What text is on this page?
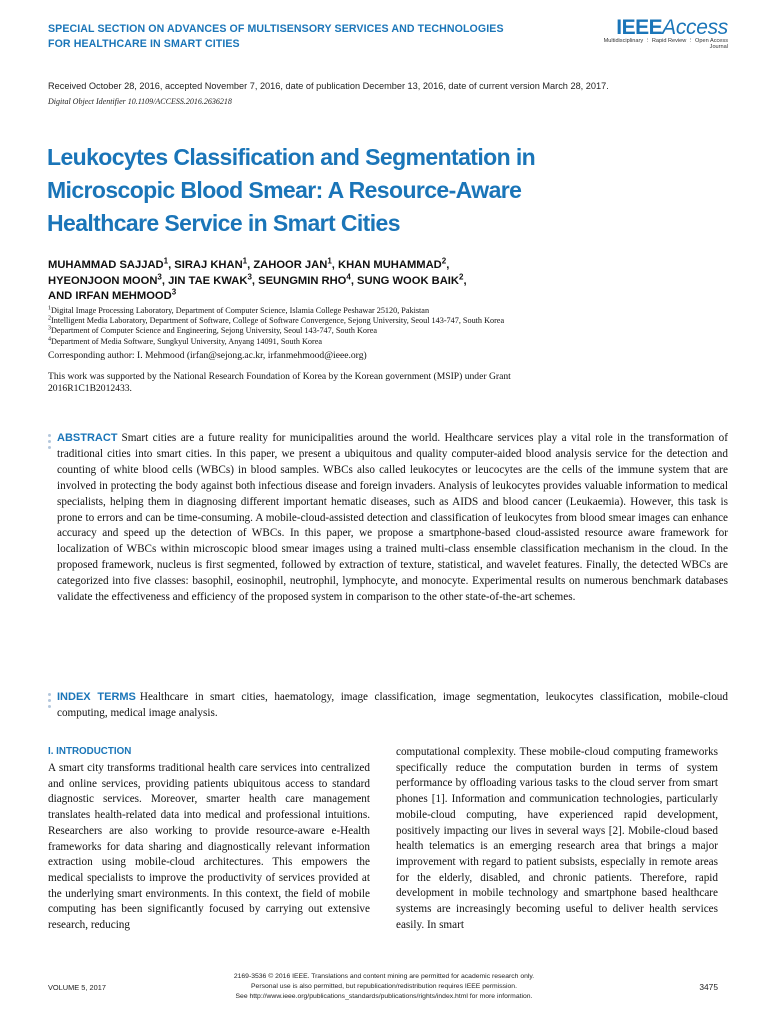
SPECIAL SECTION ON ADVANCES OF MULTISENSORY SERVICES AND TECHNOLOGIES
FOR HEALTHCARE IN SMART CITIES
IEEEAccess
Multidisciplinary ⋮ Rapid Review ⋮ Open Access Journal
Received October 28, 2016, accepted November 7, 2016, date of publication December 13, 2016, date of current version March 28, 2017.
Digital Object Identifier 10.1109/ACCESS.2016.2636218
Leukocytes Classification and Segmentation in
Microscopic Blood Smear: A Resource-Aware
Healthcare Service in Smart Cities
MUHAMMAD SAJJAD$^1$, SIRAJ KHAN$^1$, ZAHOOR JAN$^1$, KHAN MUHAMMAD$^2$,
HYEONJOON MOON$^3$, JIN TAE KWAK$^3$, SEUNGMIN RHO$^4$, SUNG WOOK BAIK$^2$,
AND IRFAN MEHMOOD$^3$
$^1$Digital Image Processing Laboratory, Department of Computer Science, Islamia College Peshawar 25120, Pakistan
$^2$Intelligent Media Laboratory, Department of Software, College of Software Convergence, Sejong University, Seoul 143-747, South Korea
$^3$Department of Computer Science and Engineering, Sejong University, Seoul 143-747, South Korea
$^4$Department of Media Software, Sungkyul University, Anyang 14091, South Korea
Corresponding author: I. Mehmood (irfan@sejong.ac.kr, irfanmehmood@ieee.org)
This work was supported by the National Research Foundation of Korea by the Korean government (MSIP) under Grant 2016R1C1B2012433.
ABSTRACT Smart cities are a future reality for municipalities around the world. Healthcare services play a vital role in the transformation of traditional cities into smart cities. In this paper, we present a ubiquitous and quality computer-aided blood analysis service for the detection and counting of white blood cells (WBCs) in blood samples. WBCs also called leukocytes or leucocytes are the cells of the immune system that are involved in protecting the body against both infectious disease and foreign invaders. Analysis of leukocytes provides valuable information to medical specialists, helping them in diagnosing different important hematic diseases, such as AIDS and blood cancer (Leukaemia). However, this task is prone to errors and can be time-consuming. A mobile-cloud-assisted detection and classification of leukocytes from blood smear images can enhance accuracy and speed up the detection of WBCs. In this paper, we propose a smartphone-based cloud-assisted resource aware framework for localization of WBCs within microscopic blood smear images using a trained multi-class ensemble classification mechanism in the cloud. In the proposed framework, nucleus is first segmented, followed by extraction of texture, statistical, and wavelet features. Finally, the detected WBCs are categorized into five classes: basophil, eosinophil, neutrophil, lymphocyte, and monocyte. Experimental results on numerous benchmark databases validate the effectiveness and efficiency of the proposed system in comparison to the other state-of-the-art schemes.
INDEX TERMS Healthcare in smart cities, haematology, image classification, image segmentation, leukocytes classification, mobile-cloud computing, medical image analysis.
I. INTRODUCTION
A smart city transforms traditional health care services into centralized and online services, providing patients ubiquitous access to standard diagnostic services. Moreover, smarter health care management translates health-related data into medical and professional intuitions. Researchers are also working to provide resource-aware e-Health frameworks for data sharing and diagnostically relevant information extraction using mobile-cloud architectures. This empowers the medical specialists to improve the productivity of services provided at the underlying smart environments. In this context, the field of mobile computing has been significantly focused by carrying out extensive research, reducing
computational complexity. These mobile-cloud computing frameworks specifically reduce the computation burden in terms of system performance by offloading various tasks to the cloud server from smart phones [1]. Information and communication technologies, particularly mobile-cloud computing, have experienced rapid development, positively impacting our lives in several ways [2]. Mobile-cloud based health telematics is an emerging research area that brings a major improvement with regard to patient subsists, especially in remote areas for the elderly, disabled, and chronic patients. Therefore, rapid development in mobile technology and smartphone based healthcare systems are increasingly becoming useful to deliver health services easily. In smart
VOLUME 5, 2017
2169-3536 © 2016 IEEE. Translations and content mining are permitted for academic research only.
Personal use is also permitted, but republication/redistribution requires IEEE permission.
See http://www.ieee.org/publications_standards/publications/rights/index.html for more information.
3475
